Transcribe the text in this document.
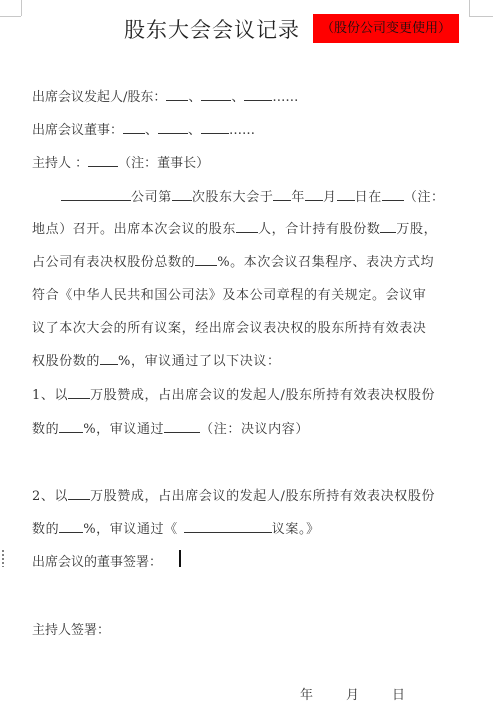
股东大会会议记录	（股份公司变更使用）
出席会议发起人/股东： 、 、 ……
出席会议董事： 、 、 ……
主持人 ： （注：董事长）
公司第 次股东大会于 年 月 日在 （注：
地点）召开。出席本次会议的股东 人，合计持有股份数 万股，
占公司有表决权股份总数的 %。本次会议召集程序、表决方式均
符合《中华人民共和国公司法》及本公司章程的有关规定。会议审
议了本次大会的所有议案，经出席会议表决权的股东所持有效表决
权股份数的 %，审议通过了以下决议：
1、以 万股赞成，占出席会议的发起人/股东所持有效表决权股份
数的 %，审议通过	（注：决议内容）
2、以 万股赞成，占出席会议的发起人/股东所持有效表决权股份
数的 %，审议通过《	议案。》
出席会议的董事签署：
主持人签署：
年	月	日
